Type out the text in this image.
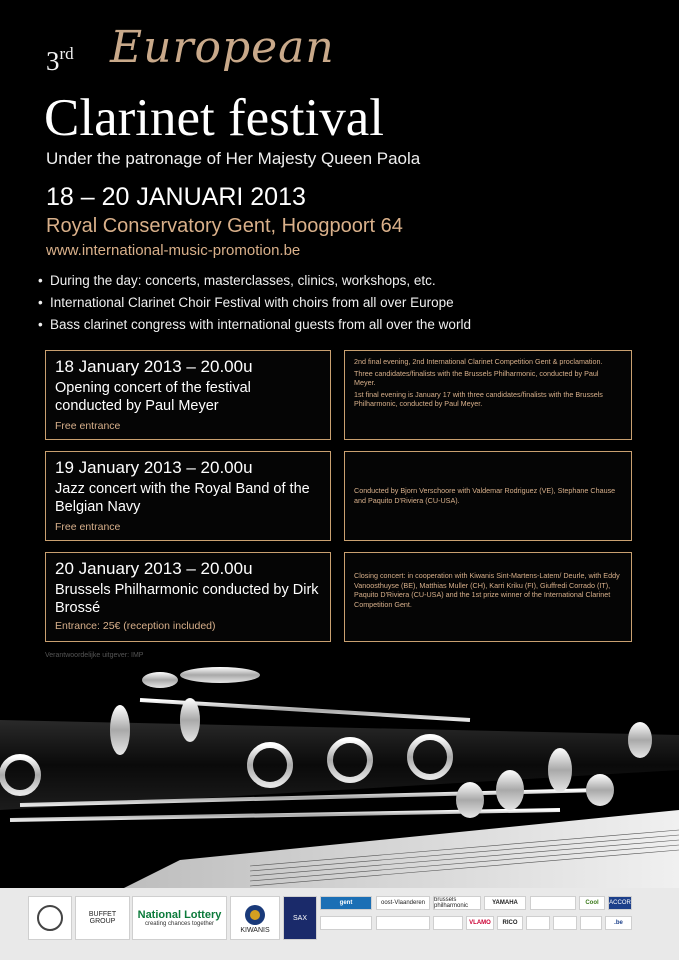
3rd European
Clarinet festival
Under the patronage of Her Majesty Queen Paola
18 – 20 JANUARI 2013
Royal Conservatory Gent, Hoogpoort 64
www.international-music-promotion.be
• During the day: concerts, masterclasses, clinics, workshops, etc.
• International Clarinet Choir Festival with choirs from all over Europe
• Bass clarinet congress with international guests from all over the world
18 January 2013 – 20.00u
Opening concert of the festival conducted by Paul Meyer
Free entrance

2nd final evening, 2nd International Clarinet Competition Gent & proclamation.

Three candidates/finalists with the Brussels Philharmonic, conducted by Paul Meyer.

1st final evening is January 17 with three candidates/finalists with the Brussels Philharmonic, conducted by Paul Meyer.

19 January 2013 – 20.00u
Jazz concert with the Royal Band of the Belgian Navy
Free entrance

Conducted by Bjorn Verschoore with Valdemar Rodriguez (VE), Stephane Chause and Paquito D'Riviera (CU-USA).

20 January 2013 – 20.00u
Brussels Philharmonic conducted by Dirk Brossé
Entrance: 25€ (reception included)

Closing concert: in cooperation with Kiwanis Sint-Martens-Latem/ Deurle, with Eddy Vanoosthuyse (BE), Matthias Muller (CH), Karri Kriku (FI), Giuffredi Corrado (IT), Paquito D'Riviera (CU-USA) and the 1st prize winner of the International Clarinet Competition Gent.

Verantwoordelijke uitgever: IMP
BUFFET GROUP
National Lottery
creating chances together
KIWANIS
SAX
gent	oost-Vlaanderen	brussels philharmonic	YAMAHA	Cool	ACCOR
VLAMO	RICO	.be
